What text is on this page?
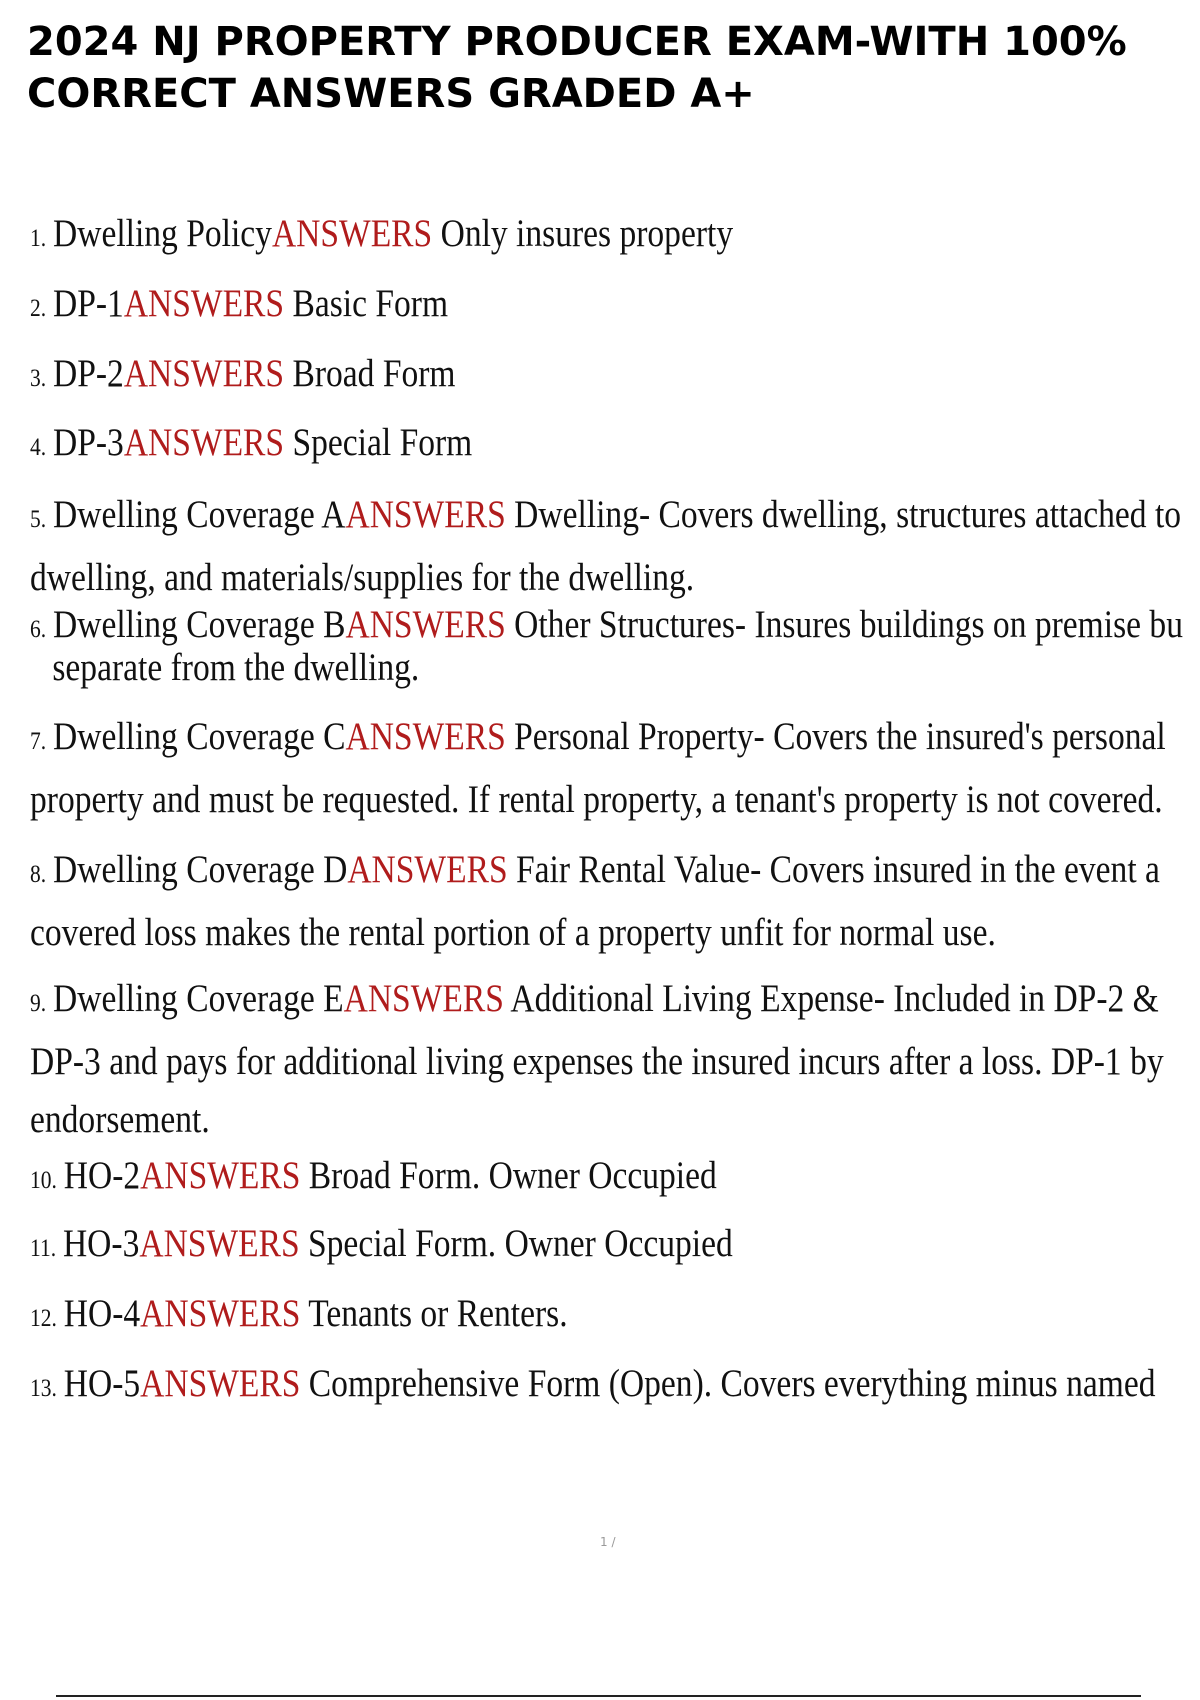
2024 NJ PROPERTY PRODUCER EXAM-WITH 100%
CORRECT ANSWERS GRADED A+
1. Dwelling PolicyANSWERS Only insures property
2. DP-1ANSWERS Basic Form
3. DP-2ANSWERS Broad Form
4. DP-3ANSWERS Special Form
5. Dwelling Coverage AANSWERS Dwelling- Covers dwelling, structures attached to
dwelling, and materials/supplies for the dwelling.
6. Dwelling Coverage BANSWERS Other Structures- Insures buildings on premise bu
separate from the dwelling.
7. Dwelling Coverage CANSWERS Personal Property- Covers the insured's personal
property and must be requested. If rental property, a tenant's property is not covered.
8. Dwelling Coverage DANSWERS Fair Rental Value- Covers insured in the event a
covered loss makes the rental portion of a property unfit for normal use.
9. Dwelling Coverage EANSWERS Additional Living Expense- Included in DP-2 &
DP-3 and pays for additional living expenses the insured incurs after a loss. DP-1 by
endorsement.
10. HO-2ANSWERS Broad Form. Owner Occupied
11. HO-3ANSWERS Special Form. Owner Occupied
12. HO-4ANSWERS Tenants or Renters.
13. HO-5ANSWERS Comprehensive Form (Open). Covers everything minus named
1 /
